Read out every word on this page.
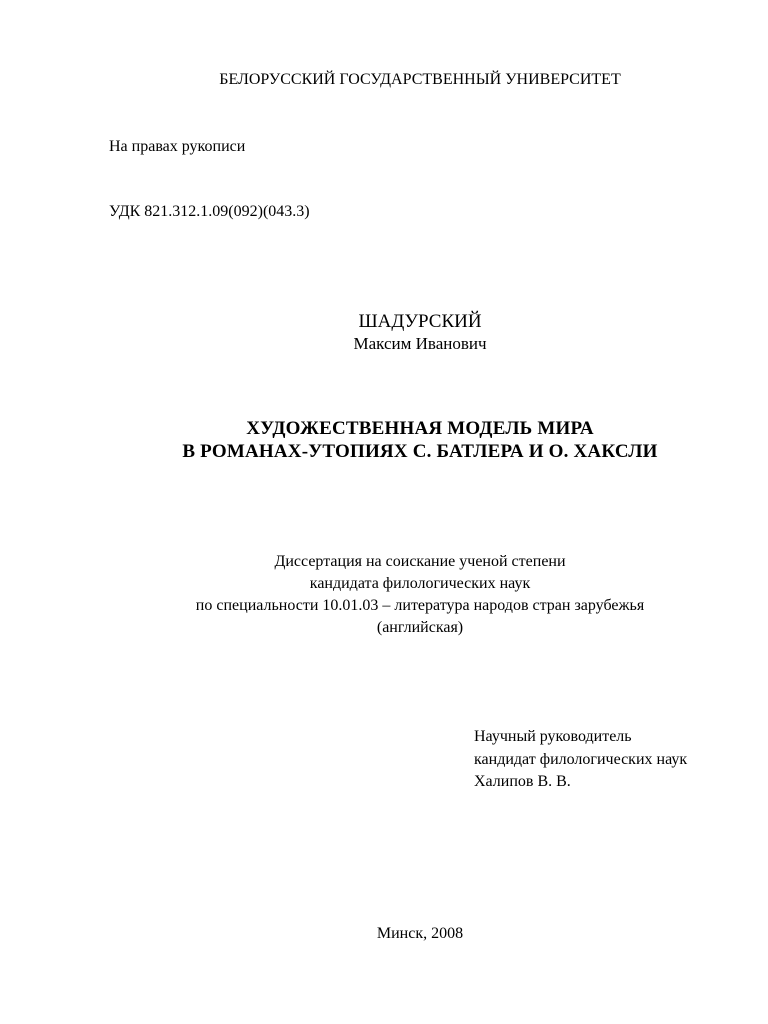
БЕЛОРУССКИЙ ГОСУДАРСТВЕННЫЙ УНИВЕРСИТЕТ
На правах рукописи
УДК 821.312.1.09(092)(043.3)
ШАДУРСКИЙ
Максим Иванович
ХУДОЖЕСТВЕННАЯ МОДЕЛЬ МИРА
В РОМАНАХ-УТОПИЯХ С. БАТЛЕРА И О. ХАКСЛИ
Диссертация на соискание ученой степени
кандидата филологических наук
по специальности 10.01.03 – литература народов стран зарубежья
(английская)
Научный руководитель
кандидат филологических наук
Халипов В. В.
Минск, 2008
